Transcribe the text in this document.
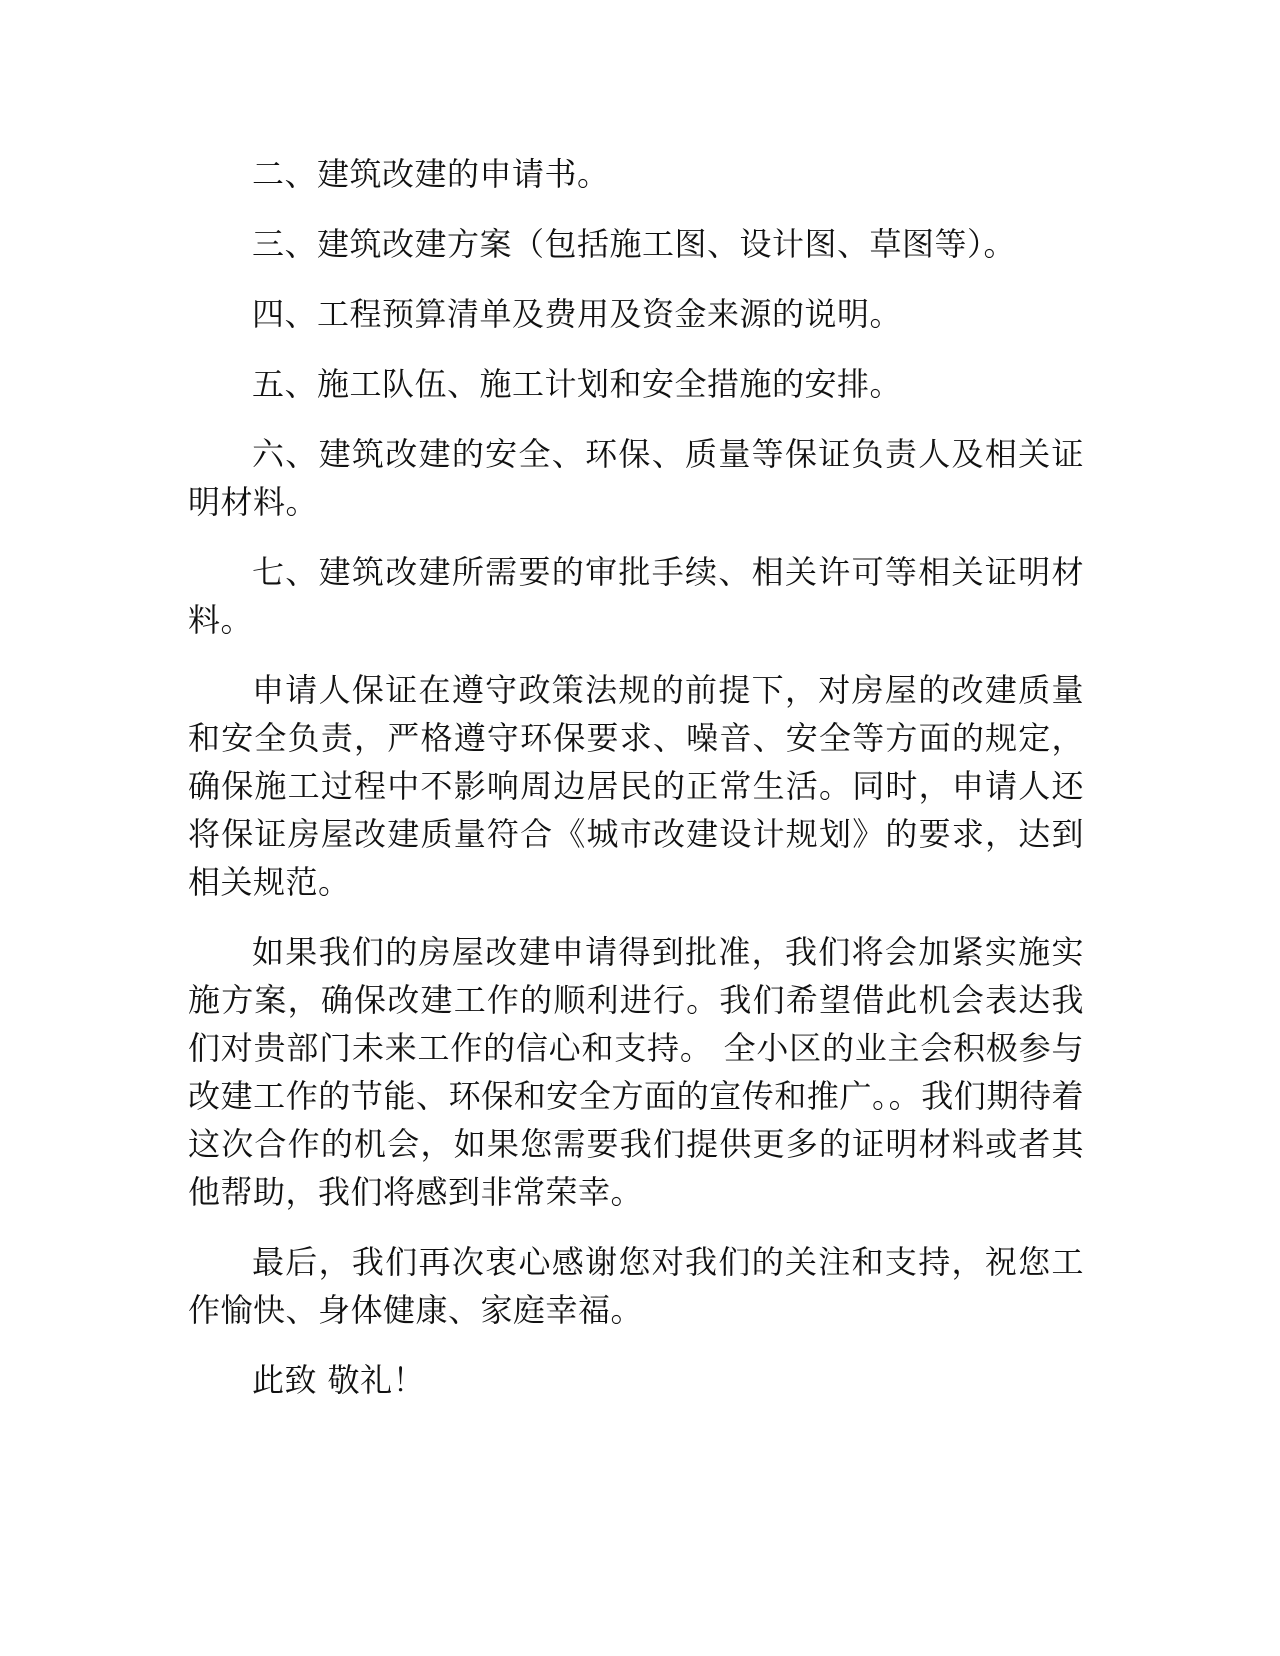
二、建筑改建的申请书。

三、建筑改建方案（包括施工图、设计图、草图等）。

四、工程预算清单及费用及资金来源的说明。

五、施工队伍、施工计划和安全措施的安排。

六、建筑改建的安全、环保、质量等保证负责人及相关证明材料。

七、建筑改建所需要的审批手续、相关许可等相关证明材料。

申请人保证在遵守政策法规的前提下，对房屋的改建质量和安全负责，严格遵守环保要求、噪音、安全等方面的规定，确保施工过程中不影响周边居民的正常生活。同时，申请人还将保证房屋改建质量符合《城市改建设计规划》的要求，达到相关规范。

如果我们的房屋改建申请得到批准，我们将会加紧实施实施方案，确保改建工作的顺利进行。我们希望借此机会表达我们对贵部门未来工作的信心和支持。 全小区的业主会积极参与改建工作的节能、环保和安全方面的宣传和推广。。我们期待着这次合作的机会，如果您需要我们提供更多的证明材料或者其他帮助，我们将感到非常荣幸。

最后，我们再次衷心感谢您对我们的关注和支持，祝您工作愉快、身体健康、家庭幸福。

此致 敬礼！
